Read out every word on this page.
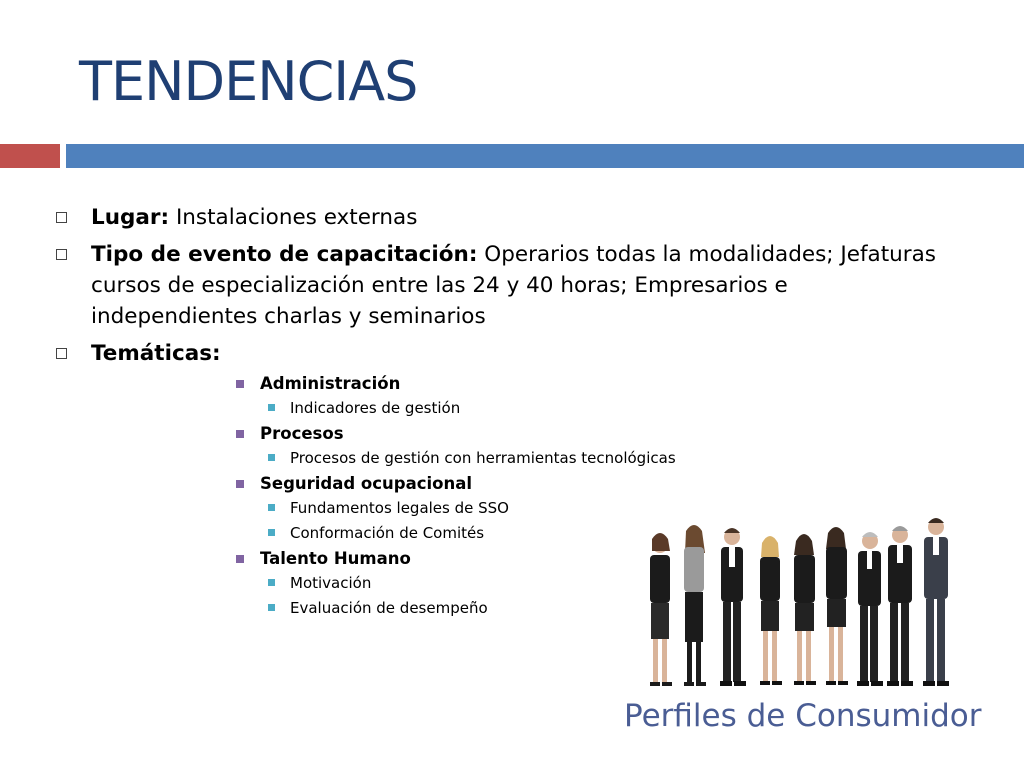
TENDENCIAS
Lugar: Instalaciones externas
Tipo de evento de capacitación: Operarios todas la modalidades; Jefaturas cursos de especialización entre las 24 y 40 horas; Empresarios e independientes charlas y seminarios
Temáticas:
Administración
Indicadores de gestión
Procesos
Procesos de gestión con herramientas tecnológicas
Seguridad ocupacional
Fundamentos legales de SSO
Conformación de Comités
Talento Humano
Motivación
Evaluación de desempeño
Perfiles de Consumidor
